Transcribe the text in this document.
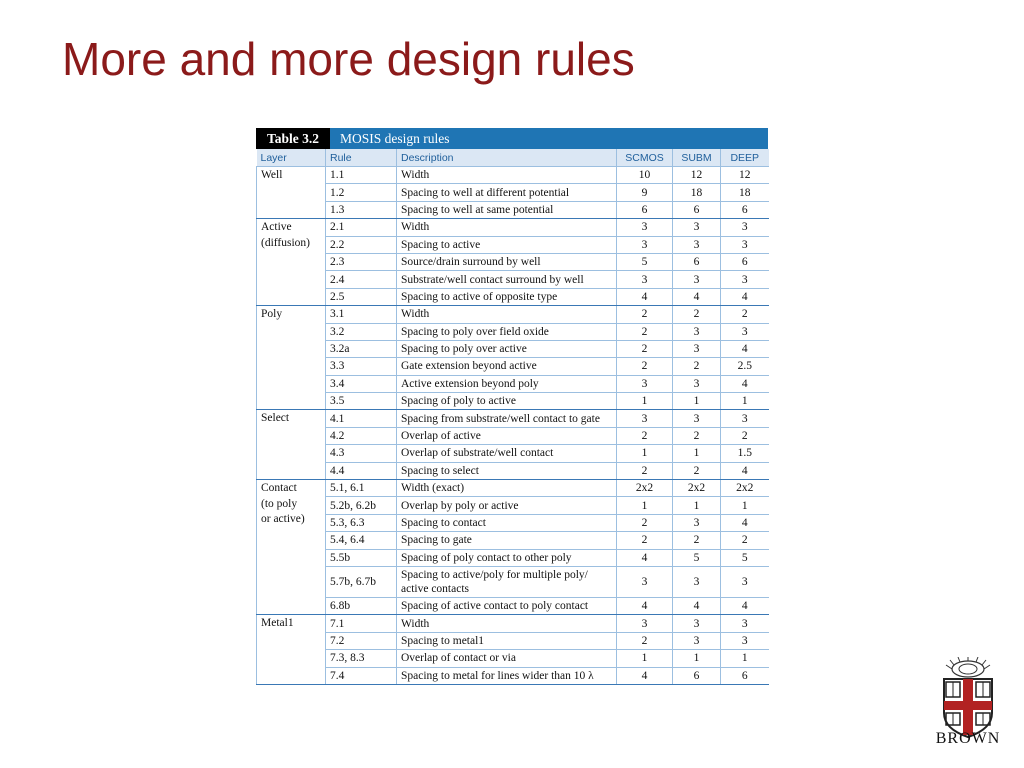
More and more design rules
Table 3.2	MOSIS design rules
Layer	Rule	Description	SCMOS	SUBM	DEEP

Well	1.1	Width	10	12	12
	1.2	Spacing to well at different potential	9	18	18
	1.3	Spacing to well at same potential	6	6	6

Active
(diffusion)	2.1	Width	3	3	3
	2.2	Spacing to active	3	3	3
	2.3	Source/drain surround by well	5	6	6
	2.4	Substrate/well contact surround by well	3	3	3
	2.5	Spacing to active of opposite type	4	4	4

Poly	3.1	Width	2	2	2
	3.2	Spacing to poly over field oxide	2	3	3
	3.2a	Spacing to poly over active	2	3	4
	3.3	Gate extension beyond active	2	2	2.5
	3.4	Active extension beyond poly	3	3	4
	3.5	Spacing of poly to active	1	1	1

Select	4.1	Spacing from substrate/well contact to gate	3	3	3
	4.2	Overlap of active	2	2	2
	4.3	Overlap of substrate/well contact	1	1	1.5
	4.4	Spacing to select	2	2	4

Contact
(to poly
or active)	5.1, 6.1	Width (exact)	2x2	2x2	2x2
	5.2b, 6.2b	Overlap by poly or active	1	1	1
	5.3, 6.3	Spacing to contact	2	3	4
	5.4, 6.4	Spacing to gate	2	2	2
	5.5b	Spacing of poly contact to other poly	4	5	5
	5.7b, 6.7b	Spacing to active/poly for multiple poly/ active contacts	3	3	3
	6.8b	Spacing of active contact to poly contact	4	4	4

Metal1	7.1	Width	3	3	3
	7.2	Spacing to metal1	2	3	3
	7.3, 8.3	Overlap of contact or via	1	1	1
	7.4	Spacing to metal for lines wider than 10 λ	4	6	6
BROWN
